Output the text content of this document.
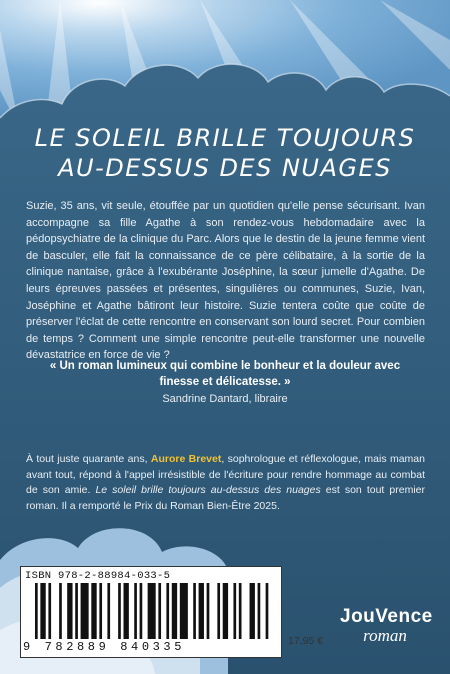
LE SOLEIL BRILLE TOUJOURS
AU-DESSUS DES NUAGES

Suzie, 35 ans, vit seule, étouffée par un quotidien qu'elle pense sécurisant. Ivan accompagne sa fille Agathe à son rendez-vous hebdomadaire avec la pédopsychiatre de la clinique du Parc. Alors que le destin de la jeune femme vient de basculer, elle fait la connaissance de ce père célibataire, à la sortie de la clinique nantaise, grâce à l'exubérante Joséphine, la sœur jumelle d'Agathe. De leurs épreuves passées et présentes, singulières ou communes, Suzie, Ivan, Joséphine et Agathe bâtiront leur histoire. Suzie tentera coûte que coûte de préserver l'éclat de cette rencontre en conservant son lourd secret. Pour combien de temps ? Comment une simple rencontre peut-elle transformer une nouvelle dévastatrice en force de vie ?

« Un roman lumineux qui combine le bonheur et la douleur avec finesse et délicatesse. »

Sandrine Dantard, libraire

À tout juste quarante ans, Aurore Brevet, sophrologue et réflexologue, mais maman avant tout, répond à l'appel irrésistible de l'écriture pour rendre hommage au combat de son amie. Le soleil brille toujours au-dessus des nuages est son tout premier roman. Il a remporté le Prix du Roman Bien-Être 2025.

ISBN 978-2-88984-033-5
9 782889 840335	17,95 €
JouVence
roman
